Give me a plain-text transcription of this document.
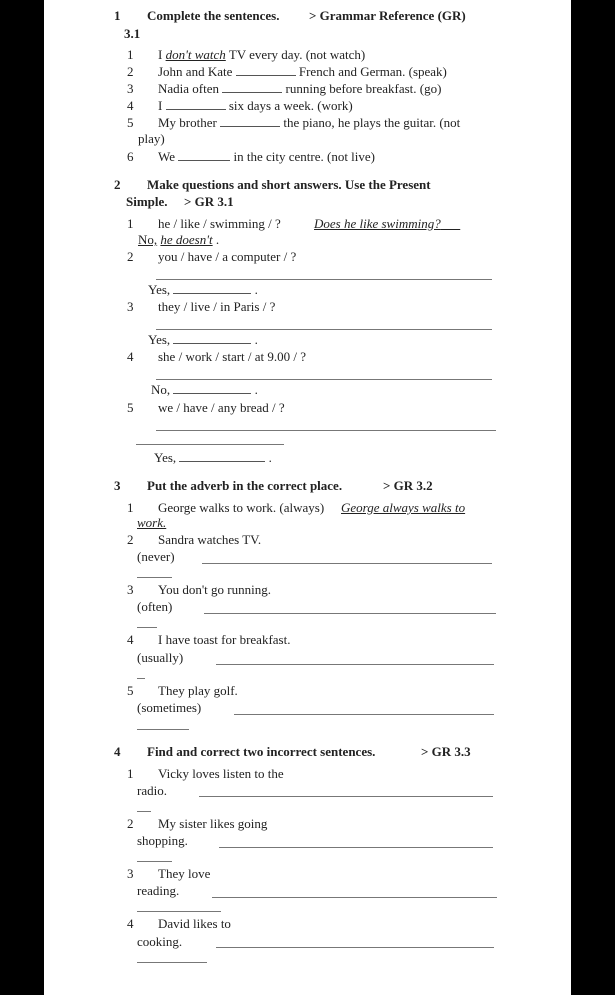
1 Complete the sentences. > Grammar Reference (GR)
3.1
1 I don't watch TV every day. (not watch)
2 John and Kate	French and German. (speak)
3 Nadia often	running before breakfast. (go)
4 I	six days a week. (work)
5 My brother	the piano, he plays the guitar. (not
play)
6 We	in the city centre. (not live)
2 Make questions and short answers. Use the Present
Simple. > GR 3.1
1 he / like / swimming / ?	Does he like swimming?   
No, he doesn't .
2 you / have / a computer / ?
Yes,	.
3 they / live / in Paris / ?
Yes,	.
4 she / work / start / at 9.00 / ?
No,	.
5 we / have / any bread / ?
Yes,	.
3 Put the adverb in the correct place.	> GR 3.2
1 George walks to work. (always) George always walks to
work.
2 Sandra watches TV.
(never)
3 You don't go running.
(often)
4 I have toast for breakfast.
(usually)
5 They play golf.
(sometimes)
4 Find and correct two incorrect sentences.	> GR 3.3
1 Vicky loves listen to the
radio.
2 My sister likes going
shopping.
3 They love
reading.
4 David likes to
cooking.
